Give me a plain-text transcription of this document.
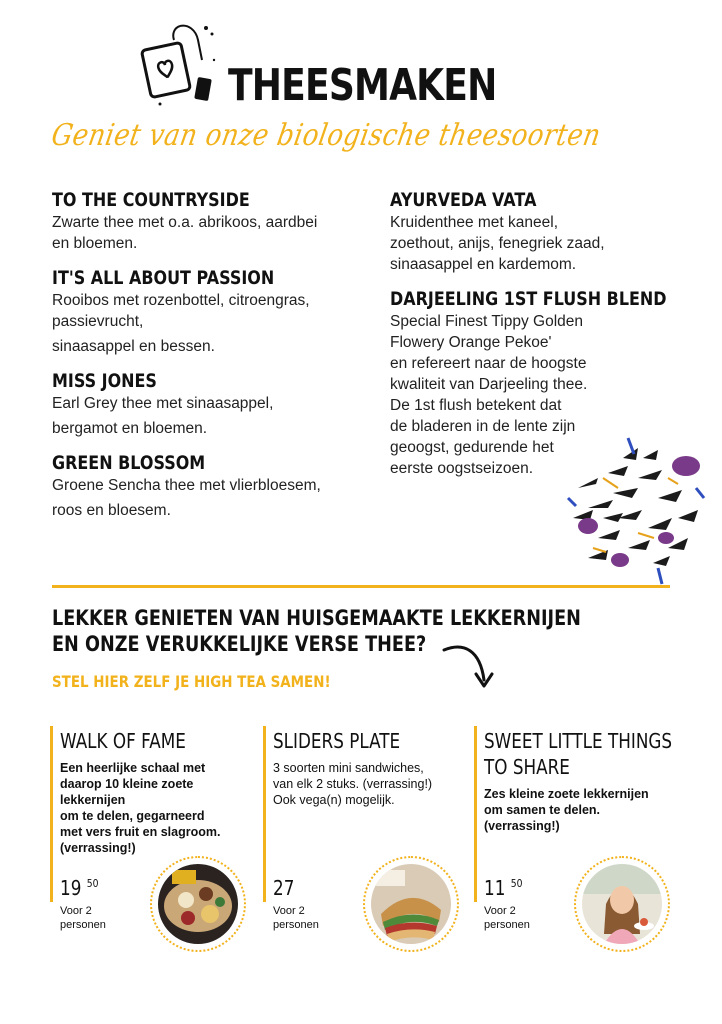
THEESMAKEN
Geniet van onze biologische theesoorten
TO THE COUNTRYSIDE
Zwarte thee met o.a. abrikoos, aardbei
en bloemen.
IT'S ALL ABOUT PASSION
Rooibos met rozenbottel, citroengras,
passievrucht,
sinaasappel en bessen.
MISS JONES
Earl Grey thee met sinaasappel,
bergamot en bloemen.
GREEN BLOSSOM
Groene Sencha thee met vlierbloesem,
roos en bloesem.
AYURVEDA VATA
Kruidenthee met kaneel,
zoethout, anijs, fenegriek zaad,
sinaasappel en kardemom.
DARJEELING 1ST FLUSH BLEND
Special Finest Tippy Golden
Flowery Orange Pekoe'
en refereert naar de hoogste
kwaliteit van Darjeeling thee.
De 1st flush betekent dat
de bladeren in de lente zijn
geoogst, gedurende het
eerste oogstseizoen.
LEKKER GENIETEN VAN HUISGEMAAKTE LEKKERNIJEN
EN ONZE VERUKKELIJKE VERSE THEE?
STEL HIER ZELF JE HIGH TEA SAMEN!
WALK OF FAME
Een heerlijke schaal met
daarop 10 kleine zoete
lekkernijen
om te delen, gegarneerd
met vers fruit en slagroom.
(verrassing!)
19 $^{50}$
Voor 2
personen
SLIDERS PLATE
3 soorten mini sandwiches,
van elk 2 stuks. (verrassing!)
Ook vega(n) mogelijk.
27
Voor 2
personen
SWEET LITTLE THINGS
TO SHARE
Zes kleine zoete lekkernijen
om samen te delen.
(verrassing!)
11 $^{50}$
Voor 2
personen
